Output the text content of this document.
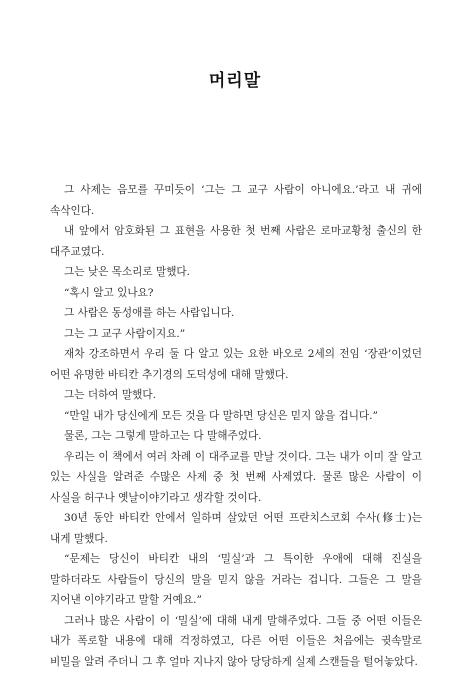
머리말

그 사제는 음모를 꾸미듯이 ‘그는 그 교구 사람이 아니에요.’라고 내 귀에 속삭인다.

내 앞에서 암호화된 그 표현을 사용한 첫 번째 사람은 로마교황청 출신의 한 대주교였다.

그는 낮은 목소리로 말했다.

“혹시 알고 있나요?

그 사람은 동성애를 하는 사람입니다.

그는 그 교구 사람이지요.”

재차 강조하면서 우리 둘 다 알고 있는 요한 바오로 2세의 전임 ‘장관’이었던 어떤 유명한 바티칸 추기경의 도덕성에 대해 말했다.

그는 더하여 말했다.

“만일 내가 당신에게 모든 것을 다 말하면 당신은 믿지 않을 겁니다.”

물론, 그는 그렇게 말하고는 다 말해주었다.

우리는 이 책에서 여러 차례 이 대주교를 만날 것이다. 그는 내가 이미 잘 알고 있는 사실을 알려준 수많은 사제 중 첫 번째 사제였다. 물론 많은 사람이 이 사실을 허구나 옛날이야기라고 생각할 것이다.

30년 동안 바티칸 안에서 일하며 살았던 어떤 프란치스코회 수사(修士)는 내게 말했다.

“문제는 당신이 바티칸 내의 ‘밀실’과 그 특이한 우애에 대해 진실을 말하더라도 사람들이 당신의 말을 믿지 않을 거라는 겁니다. 그들은 그 말을 지어낸 이야기라고 말할 거예요.”

그러나 많은 사람이 이 ‘밀실’에 대해 내게 말해주었다. 그들 중 어떤 이들은 내가 폭로할 내용에 대해 걱정하였고, 다른 어떤 이들은 처음에는 귓속말로 비밀을 알려 주더니 그 후 얼마 지나지 않아 당당하게 실제 스캔들을 털어놓았다.
